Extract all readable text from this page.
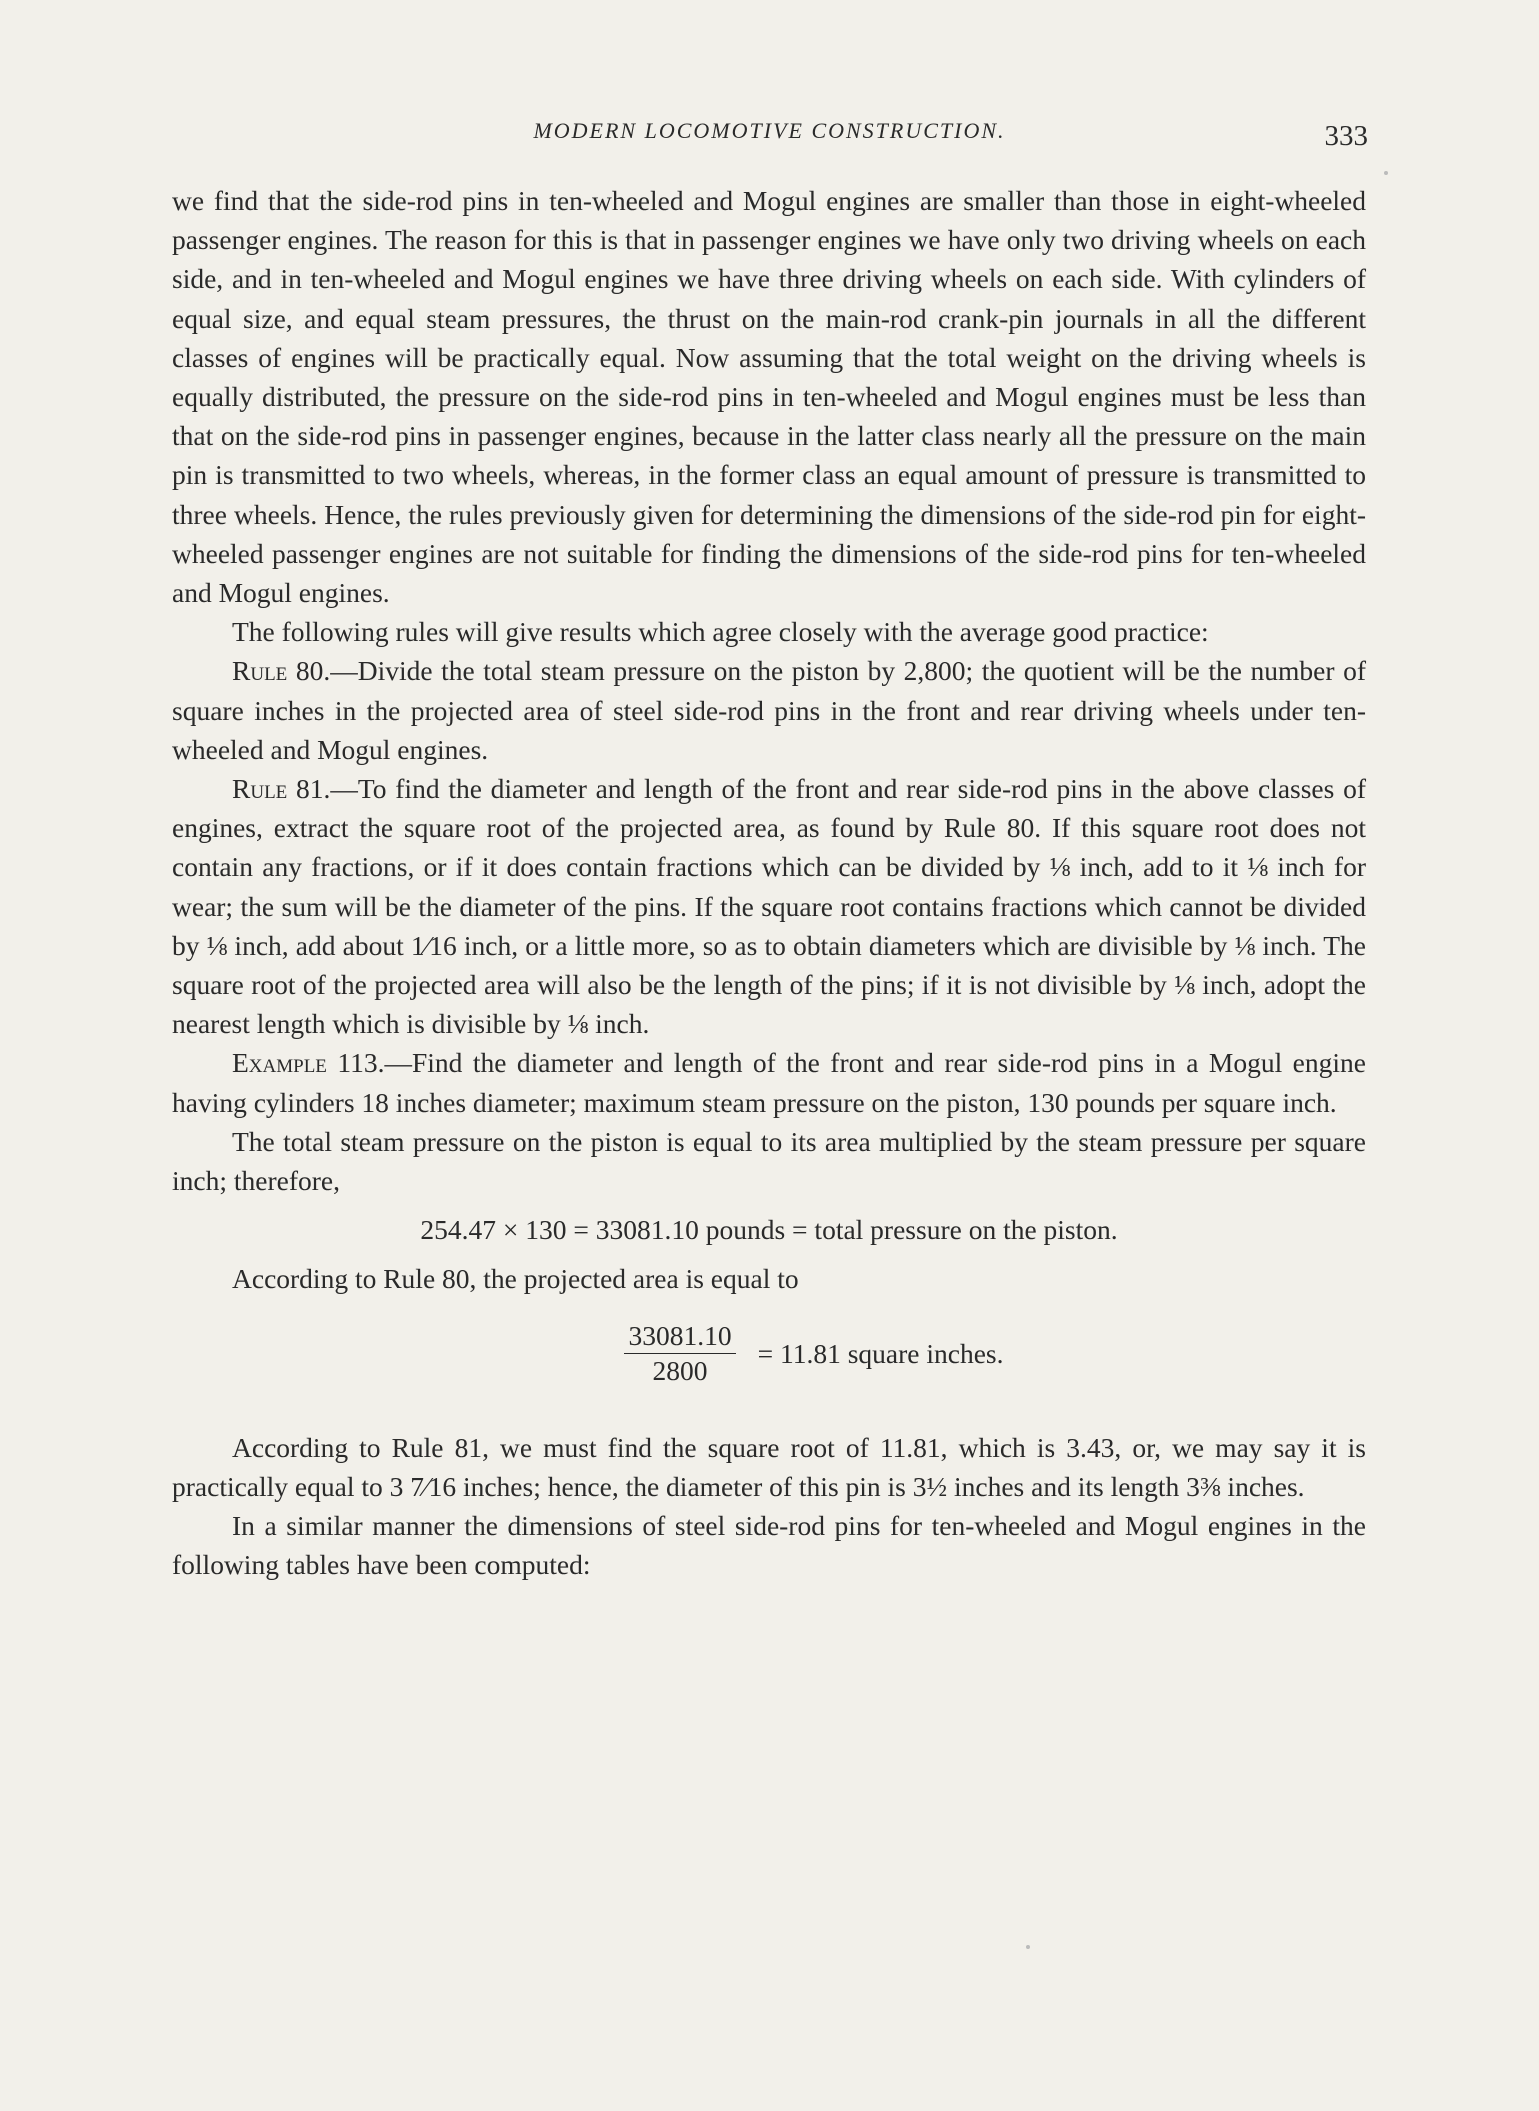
MODERN LOCOMOTIVE CONSTRUCTION.	333

we find that the side-rod pins in ten-wheeled and Mogul engines are smaller than those in eight-wheeled passenger engines. The reason for this is that in passenger engines we have only two driving wheels on each side, and in ten-wheeled and Mogul engines we have three driving wheels on each side. With cylinders of equal size, and equal steam pressures, the thrust on the main-rod crank-pin journals in all the different classes of engines will be practically equal. Now assuming that the total weight on the driving wheels is equally distributed, the pressure on the side-rod pins in ten-wheeled and Mogul engines must be less than that on the side-rod pins in passenger engines, because in the latter class nearly all the pressure on the main pin is transmitted to two wheels, whereas, in the former class an equal amount of pressure is transmitted to three wheels. Hence, the rules previously given for determining the dimensions of the side-rod pin for eight-wheeled passenger engines are not suitable for finding the dimensions of the side-rod pins for ten-wheeled and Mogul engines.

The following rules will give results which agree closely with the average good practice:

Rule 80.—Divide the total steam pressure on the piston by 2,800; the quotient will be the number of square inches in the projected area of steel side-rod pins in the front and rear driving wheels under ten-wheeled and Mogul engines.

Rule 81.—To find the diameter and length of the front and rear side-rod pins in the above classes of engines, extract the square root of the projected area, as found by Rule 80. If this square root does not contain any fractions, or if it does contain fractions which can be divided by ⅛ inch, add to it ⅛ inch for wear; the sum will be the diameter of the pins. If the square root contains fractions which cannot be divided by ⅛ inch, add about 1⁄16 inch, or a little more, so as to obtain diameters which are divisible by ⅛ inch. The square root of the projected area will also be the length of the pins; if it is not divisible by ⅛ inch, adopt the nearest length which is divisible by ⅛ inch.

Example 113.—Find the diameter and length of the front and rear side-rod pins in a Mogul engine having cylinders 18 inches diameter; maximum steam pressure on the piston, 130 pounds per square inch.

The total steam pressure on the piston is equal to its area multiplied by the steam pressure per square inch; therefore,

254.47 × 130 = 33081.10 pounds = total pressure on the piston.

According to Rule 80, the projected area is equal to

$\frac{33081.10}{2800} = 11.81$ square inches.

According to Rule 81, we must find the square root of 11.81, which is 3.43, or, we may say it is practically equal to 3 7⁄16 inches; hence, the diameter of this pin is 3½ inches and its length 3⅜ inches.

In a similar manner the dimensions of steel side-rod pins for ten-wheeled and Mogul engines in the following tables have been computed:
